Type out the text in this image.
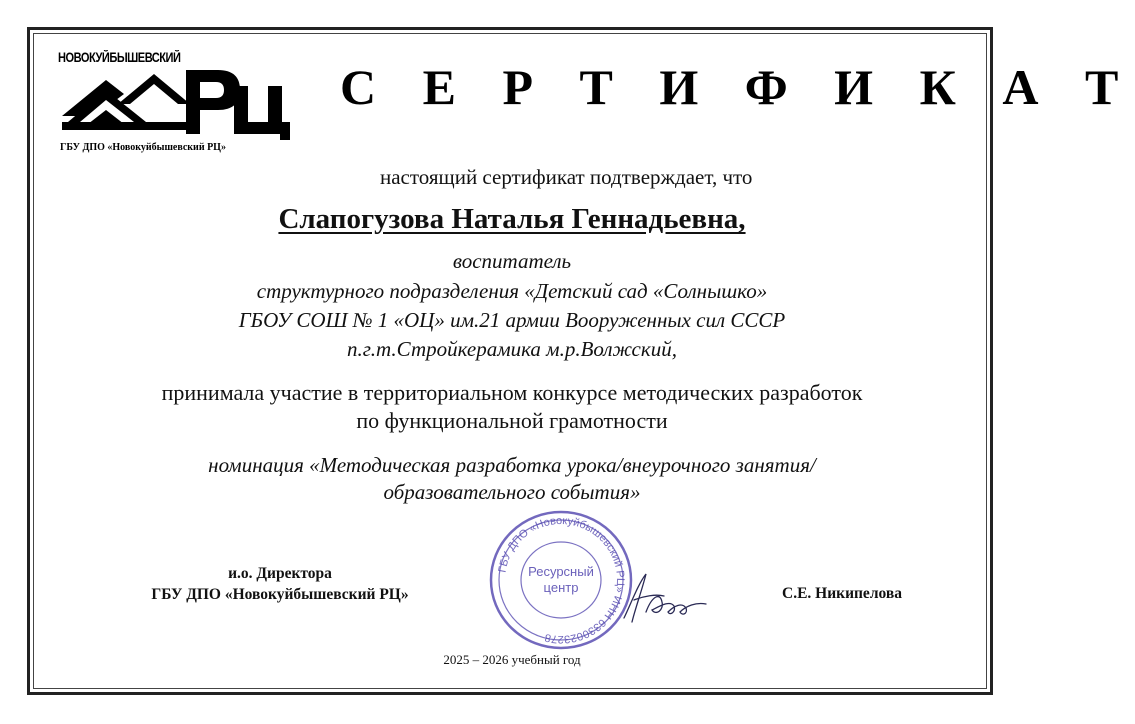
НОВОКУЙБЫШЕВСКИЙ
ГБУ ДПО «Новокуйбышевский РЦ»
С Е Р Т И Ф И К А Т
настоящий сертификат подтверждает, что
Слапогузова Наталья Геннадьевна,
воспитатель
структурного подразделения «Детский сад «Солнышко»
ГБОУ СОШ № 1 «ОЦ» им.21 армии Вооруженных сил СССР
п.г.т.Стройкерамика м.р.Волжский,
принимала участие в территориальном конкурсе методических разработок
по функциональной грамотности
номинация «Методическая разработка урока/внеурочного занятия/
образовательного события»
и.о. Директора
ГБУ ДПО «Новокуйбышевский РЦ»	С.Е. Никипелова
ГБУ ДПО «Новокуйбышевский РЦ» ИНН 6330023278
Ресурсный
центр
2025 – 2026 учебный год
